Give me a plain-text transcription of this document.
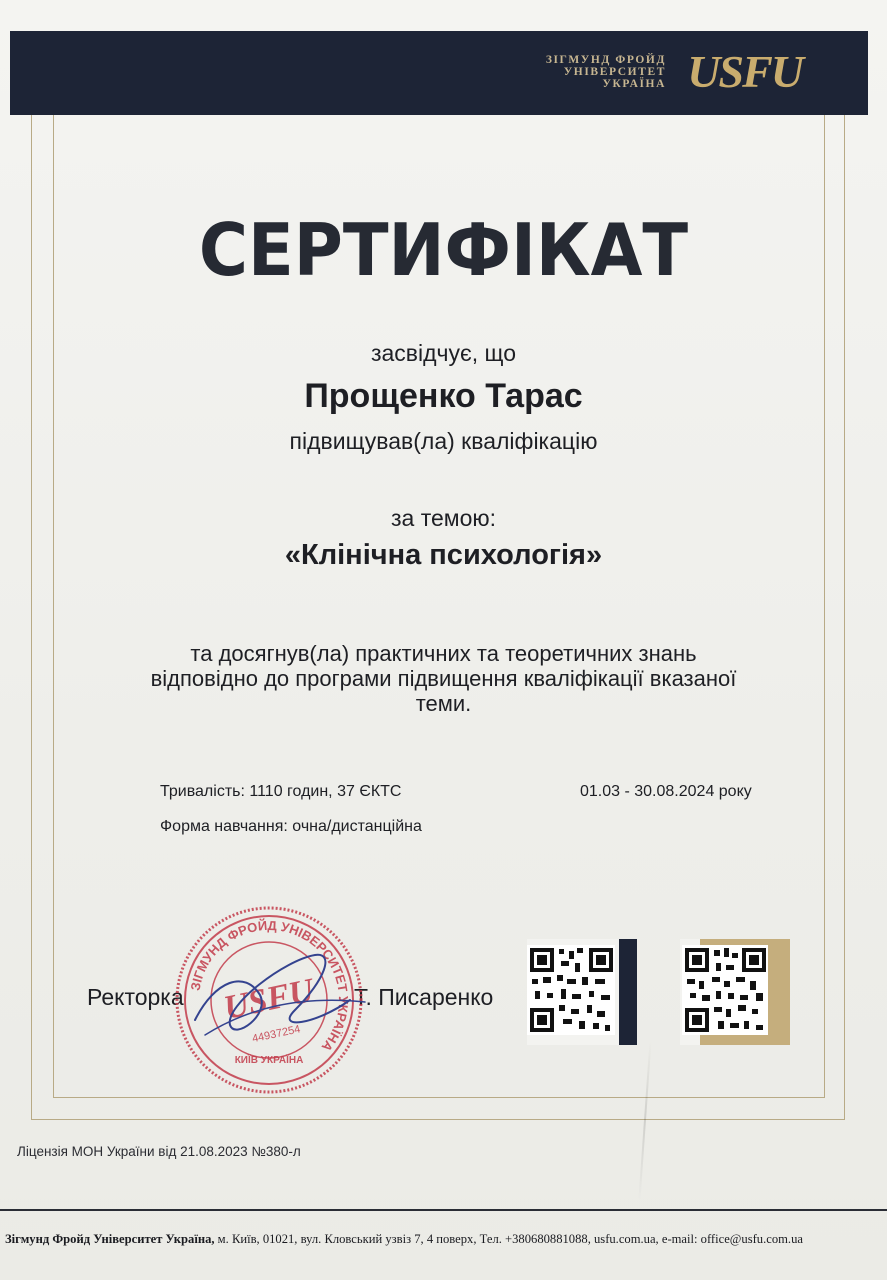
ЗІГМУНД ФРОЙД
УНІВЕРСИТЕТ
УКРАЇНА USFU
СЕРТИФІКАТ
засвідчує, що
Прощенко Тарас
підвищував(ла) кваліфікацію
за темою:
«Клінічна психологія»
та досягнув(ла) практичних та теоретичних знань
відповідно до програми підвищення кваліфікації вказаної
теми.
Тривалість: 1110 годин, 37 ЄКТС	01.03 - 30.08.2024 року
Форма навчання: очна/дистанційна
Ректорка	Т. Писаренко
ЗІГМУНД ФРОЙД УНІВЕРСИТЕТ УКРАЇНА
USFU
44937254
КИЇВ УКРАЇНА
Ліцензія МОН України від 21.08.2023 №380-л
Зігмунд Фройд Університет Україна, м. Київ, 01021, вул. Кловський узвіз 7, 4 поверх, Тел. +380680881088, usfu.com.ua, e-mail: office@usfu.com.ua
